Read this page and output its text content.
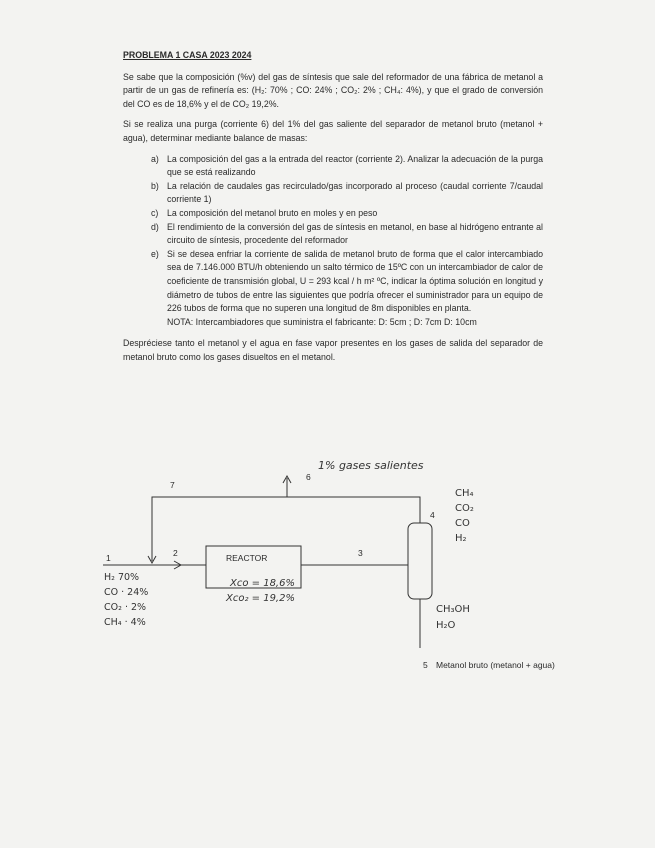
PROBLEMA 1 CASA 2023 2024

Se sabe que la composición (%v) del gas de síntesis que sale del reformador de una fábrica de metanol a partir de un gas de refinería es: (H₂: 70% ; CO: 24% ; CO₂: 2% ; CH₄: 4%), y que el grado de conversión del CO es de 18,6% y el de CO₂ 19,2%.

Si se realiza una purga (corriente 6) del 1% del gas saliente del separador de metanol bruto (metanol + agua), determinar mediante balance de masas:

a) La composición del gas a la entrada del reactor (corriente 2). Analizar la adecuación de la purga que se está realizando
b) La relación de caudales gas recirculado/gas incorporado al proceso (caudal corriente 7/caudal corriente 1)
c) La composición del metanol bruto en moles y en peso
d) El rendimiento de la conversión del gas de síntesis en metanol, en base al hidrógeno entrante al circuito de síntesis, procedente del reformador
e) Si se desea enfriar la corriente de salida de metanol bruto de forma que el calor intercambiado sea de 7.146.000 BTU/h obteniendo un salto térmico de 15ºC con un intercambiador de calor de coeficiente de transmisión global, U = 293 kcal / h m² ºC, indicar la óptima solución en longitud y diámetro de tubos de entre las siguientes que podría ofrecer el suministrador para un equipo de 226 tubos de forma que no superen una longitud de 8m disponibles en planta.
NOTA: Intercambiadores que suministra el fabricante: D: 5cm ; D: 7cm D: 10cm

Despréciese tanto el metanol y el agua en fase vapor presentes en los gases de salida del separador de metanol bruto como los gases disueltos en el metanol.

7
6
1% gases salientes
4
1	2	3
REACTOR
Xco = 18,6%
Xco₂ = 19,2%
H₂ 70%
CO · 24%
CO₂ · 2%
CH₄ · 4%
CH₄
CO₂
CO
H₂
CH₃OH
H₂O
5 Metanol bruto (metanol + agua)
